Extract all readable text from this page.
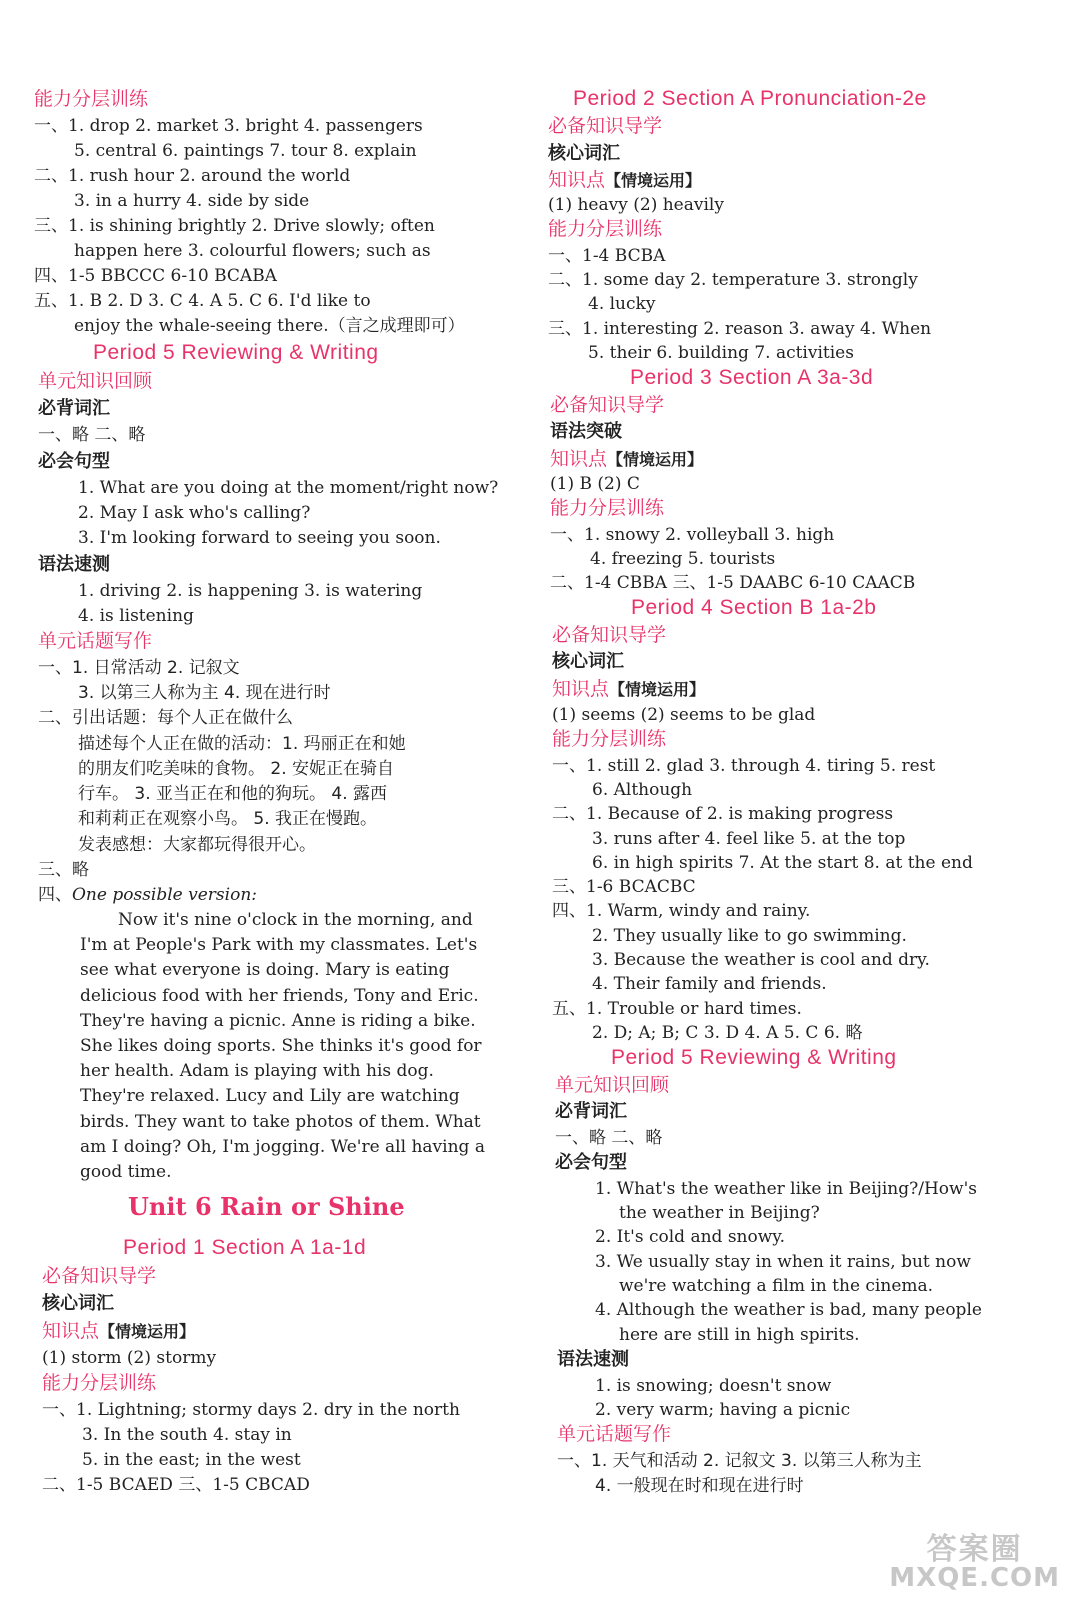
能力分层训练
一、1. drop 2. market 3. bright 4. passengers
5. central 6. paintings 7. tour 8. explain
二、1. rush hour 2. around the world
3. in a hurry 4. side by side
三、1. is shining brightly 2. Drive slowly; often
happen here 3. colourful flowers; such as
四、1-5 BBCCC 6-10 BCABA
五、1. B 2. D 3. C 4. A 5. C 6. I'd like to
enjoy the whale-seeing there.（言之成理即可）
Period 5 Reviewing & Writing
单元知识回顾
必背词汇
一、略 二、略
必会句型
1. What are you doing at the moment/right now?
2. May I ask who's calling?
3. I'm looking forward to seeing you soon.
语法速测
1. driving 2. is happening 3. is watering
4. is listening
单元话题写作
一、1. 日常活动 2. 记叙文
3. 以第三人称为主 4. 现在进行时
二、引出话题：每个人正在做什么
描述每个人正在做的活动：1. 玛丽正在和她
的朋友们吃美味的食物。 2. 安妮正在骑自
行车。 3. 亚当正在和他的狗玩。 4. 露西
和莉莉正在观察小鸟。 5. 我正在慢跑。
发表感想：大家都玩得很开心。
三、略
四、One possible version:
Now it's nine o'clock in the morning, and
I'm at People's Park with my classmates. Let's
see what everyone is doing. Mary is eating
delicious food with her friends, Tony and Eric.
They're having a picnic. Anne is riding a bike.
She likes doing sports. She thinks it's good for
her health. Adam is playing with his dog.
They're relaxed. Lucy and Lily are watching
birds. They want to take photos of them. What
am I doing? Oh, I'm jogging. We're all having a
good time.
Unit 6 Rain or Shine
Period 1 Section A 1a-1d
必备知识导学
核心词汇
知识点【情境运用】
(1) storm (2) stormy
能力分层训练
一、1. Lightning; stormy days 2. dry in the north
3. In the south 4. stay in
5. in the east; in the west
二、1-5 BCAED 三、1-5 CBCAD
Period 2 Section A Pronunciation-2e
必备知识导学
核心词汇
知识点【情境运用】
(1) heavy (2) heavily
能力分层训练
一、1-4 BCBA
二、1. some day 2. temperature 3. strongly
4. lucky
三、1. interesting 2. reason 3. away 4. When
5. their 6. building 7. activities
Period 3 Section A 3a-3d
必备知识导学
语法突破
知识点【情境运用】
(1) B (2) C
能力分层训练
一、1. snowy 2. volleyball 3. high
4. freezing 5. tourists
二、1-4 CBBA 三、1-5 DAABC 6-10 CAACB
Period 4 Section B 1a-2b
必备知识导学
核心词汇
知识点【情境运用】
(1) seems (2) seems to be glad
能力分层训练
一、1. still 2. glad 3. through 4. tiring 5. rest
6. Although
二、1. Because of 2. is making progress
3. runs after 4. feel like 5. at the top
6. in high spirits 7. At the start 8. at the end
三、1-6 BCACBC
四、1. Warm, windy and rainy.
2. They usually like to go swimming.
3. Because the weather is cool and dry.
4. Their family and friends.
五、1. Trouble or hard times.
2. D; A; B; C 3. D 4. A 5. C 6. 略
Period 5 Reviewing & Writing
单元知识回顾
必背词汇
一、略 二、略
必会句型
1. What's the weather like in Beijing?/How's
the weather in Beijing?
2. It's cold and snowy.
3. We usually stay in when it rains, but now
we're watching a film in the cinema.
4. Although the weather is bad, many people
here are still in high spirits.
语法速测
1. is snowing; doesn't snow
2. very warm; having a picnic
单元话题写作
一、1. 天气和活动 2. 记叙文 3. 以第三人称为主
4. 一般现在时和现在进行时
答案圈
MXQE.COM
